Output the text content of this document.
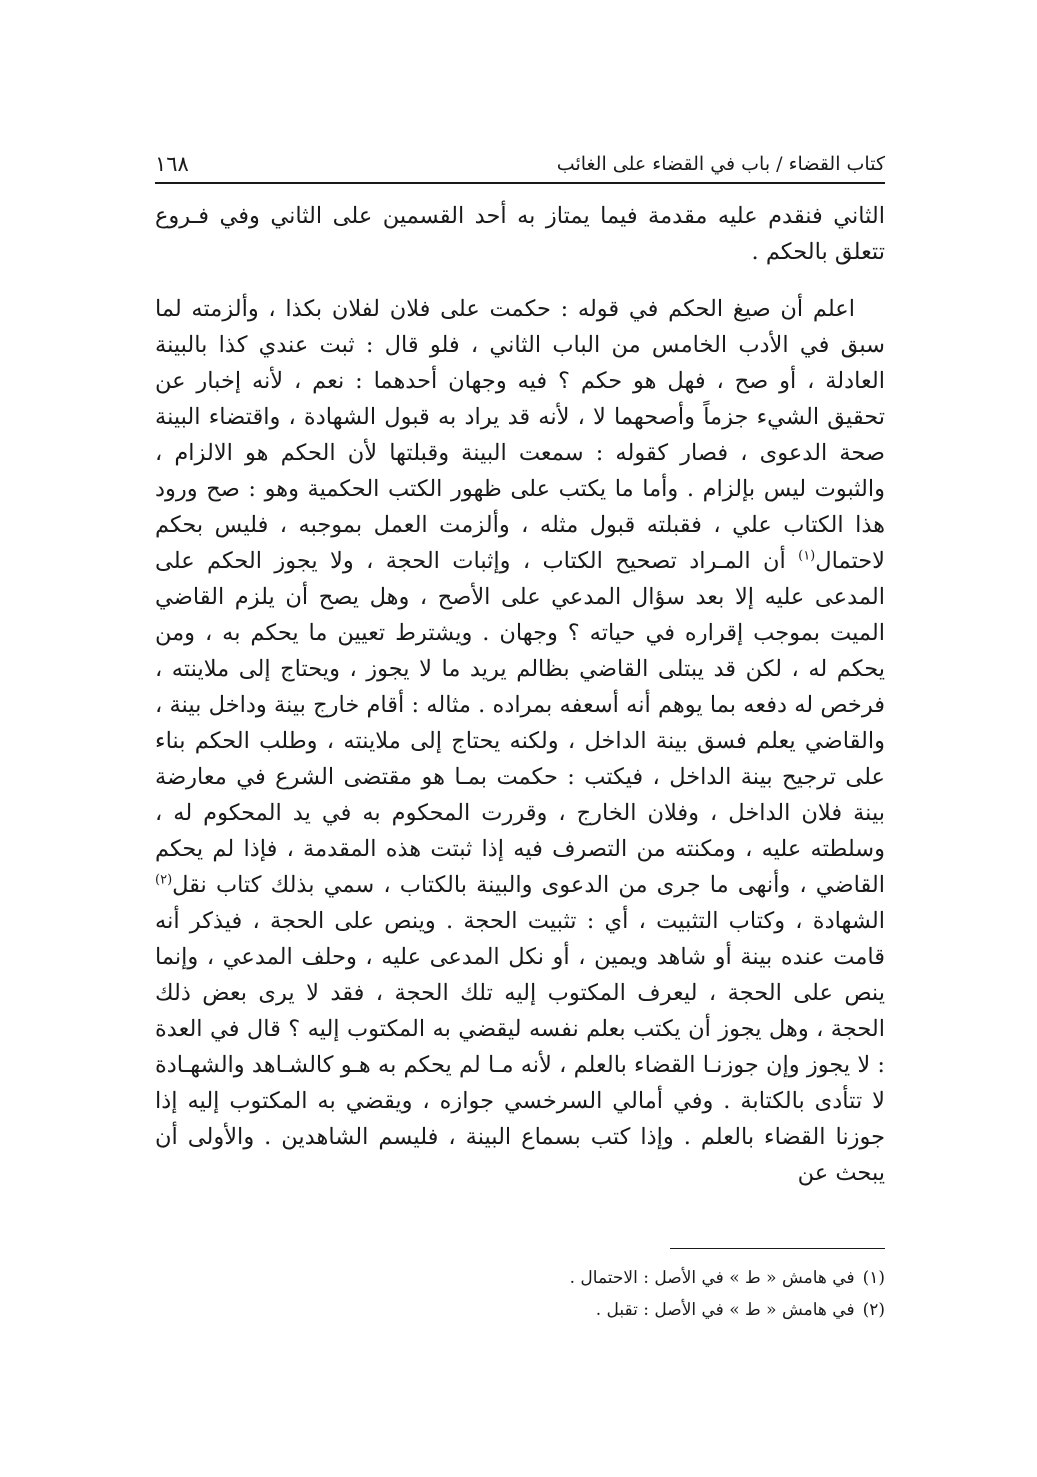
كتاب القضاء / باب في القضاء على الغائب
١٦٨

الثاني فنقدم عليه مقدمة فيما يمتاز به أحد القسمين على الثاني وفي فـروع تتعلق بالحكم .

اعلم أن صيغ الحكم في قوله : حكمت على فلان لفلان بكذا ، وألزمته لما سبق في الأدب الخامس من الباب الثاني ، فلو قال : ثبت عندي كذا بالبينة العادلة ، أو صح ، فهل هو حكم ؟ فيه وجهان أحدهما : نعم ، لأنه إخبار عن تحقيق الشيء جزماً وأصحهما لا ، لأنه قد يراد به قبول الشهادة ، واقتضاء البينة صحة الدعوى ، فصار كقوله : سمعت البينة وقبلتها لأن الحكم هو الالزام ، والثبوت ليس بإلزام . وأما ما يكتب على ظهور الكتب الحكمية وهو : صح ورود هذا الكتاب علي ، فقبلته قبول مثله ، وألزمت العمل بموجبه ، فليس بحكم لاحتمال$^{(١)}$ أن المـراد تصحيح الكتاب ، وإثبات الحجة ، ولا يجوز الحكم على المدعى عليه إلا بعد سؤال المدعي على الأصح ، وهل يصح أن يلزم القاضي الميت بموجب إقراره في حياته ؟ وجهان . ويشترط تعيين ما يحكم به ، ومن يحكم له ، لكن قد يبتلى القاضي بظالم يريد ما لا يجوز ، ويحتاج إلى ملاينته ، فرخص له دفعه بما يوهم أنه أسعفه بمراده . مثاله : أقام خارج بينة وداخل بينة ، والقاضي يعلم فسق بينة الداخل ، ولكنه يحتاج إلى ملاينته ، وطلب الحكم بناء على ترجيح بينة الداخل ، فيكتب : حكمت بمـا هو مقتضى الشرع في معارضة بينة فلان الداخل ، وفلان الخارج ، وقررت المحكوم به في يد المحكوم له ، وسلطته عليه ، ومكنته من التصرف فيه إذا ثبتت هذه المقدمة ، فإذا لم يحكم القاضي ، وأنهى ما جرى من الدعوى والبينة بالكتاب ، سمي بذلك كتاب نقل$^{(٢)}$ الشهادة ، وكتاب التثبيت ، أي : تثبيت الحجة . وينص على الحجة ، فيذكر أنه قامت عنده بينة أو شاهد ويمين ، أو نكل المدعى عليه ، وحلف المدعي ، وإنما ينص على الحجة ، ليعرف المكتوب إليه تلك الحجة ، فقد لا يرى بعض ذلك الحجة ، وهل يجوز أن يكتب بعلم نفسه ليقضي به المكتوب إليه ؟ قال في العدة : لا يجوز وإن جوزنـا القضاء بالعلم ، لأنه مـا لم يحكم به هـو كالشـاهد والشهـادة لا تتأدى بالكتابة . وفي أمالي السرخسي جوازه ، ويقضي به المكتوب إليه إذا جوزنا القضاء بالعلم . وإذا كتب بسماع البينة ، فليسم الشاهدين . والأولى أن يبحث عن

(١)في هامش « ط » في الأصل : الاحتمال .
(٢)في هامش « ط » في الأصل : تقبل .
